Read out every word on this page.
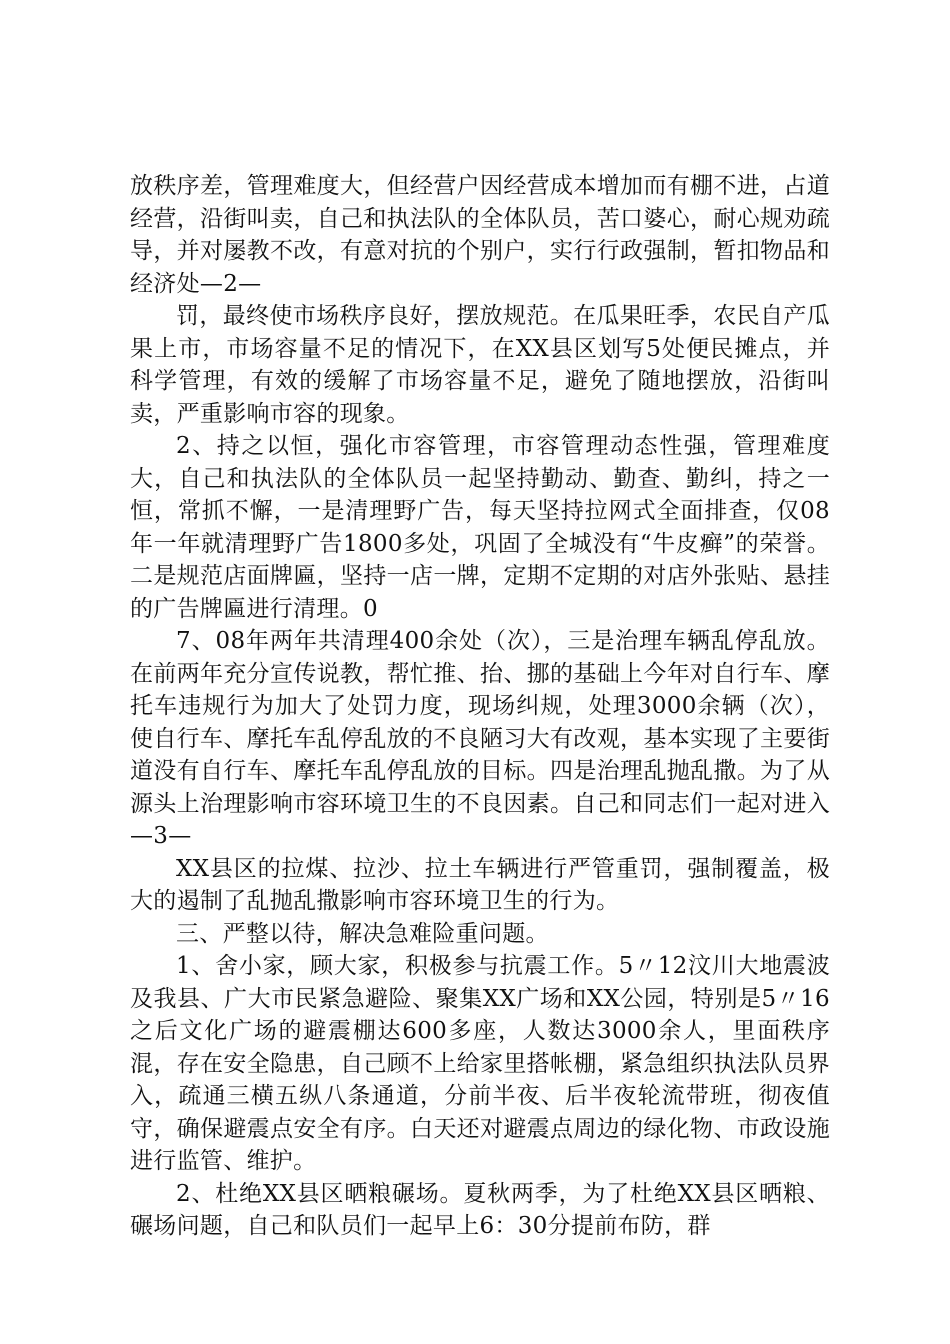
放秩序差，管理难度大，但经营户因经营成本增加而有棚不进，占道经营，沿街叫卖，自己和执法队的全体队员，苦口婆心，耐心规劝疏导，并对屡教不改，有意对抗的个别户，实行行政强制，暂扣物品和经济处—2—

罚，最终使市场秩序良好，摆放规范。在瓜果旺季，农民自产瓜果上市，市场容量不足的情况下，在XX县区划写5处便民摊点，并科学管理，有效的缓解了市场容量不足，避免了随地摆放，沿街叫卖，严重影响市容的现象。

2、持之以恒，强化市容管理，市容管理动态性强，管理难度大，自己和执法队的全体队员一起坚持勤动、勤查、勤纠，持之一恒，常抓不懈，一是清理野广告，每天坚持拉网式全面排查，仅08年一年就清理野广告1800多处，巩固了全城没有“牛皮癣”的荣誉。二是规范店面牌匾，坚持一店一牌，定期不定期的对店外张贴、悬挂的广告牌匾进行清理。0

7、08年两年共清理400余处（次），三是治理车辆乱停乱放。在前两年充分宣传说教，帮忙推、抬、挪的基础上今年对自行车、摩托车违规行为加大了处罚力度，现场纠规，处理3000余辆（次），使自行车、摩托车乱停乱放的不良陋习大有改观，基本实现了主要街道没有自行车、摩托车乱停乱放的目标。四是治理乱抛乱撒。为了从源头上治理影响市容环境卫生的不良因素。自己和同志们一起对进入—3—

XX县区的拉煤、拉沙、拉土车辆进行严管重罚，强制覆盖，极大的遏制了乱抛乱撒影响市容环境卫生的行为。

三、严整以待，解决急难险重问题。

1、舍小家，顾大家，积极参与抗震工作。5〃12汶川大地震波及我县、广大市民紧急避险、聚集XX广场和XX公园，特别是5〃16之后文化广场的避震棚达600多座，人数达3000余人，里面秩序混，存在安全隐患，自己顾不上给家里搭帐棚，紧急组织执法队员界入，疏通三横五纵八条通道，分前半夜、后半夜轮流带班，彻夜值守，确保避震点安全有序。白天还对避震点周边的绿化物、市政设施进行监管、维护。

2、杜绝XX县区晒粮碾场。夏秋两季，为了杜绝XX县区晒粮、碾场问题，自己和队员们一起早上6：30分提前布防，群
